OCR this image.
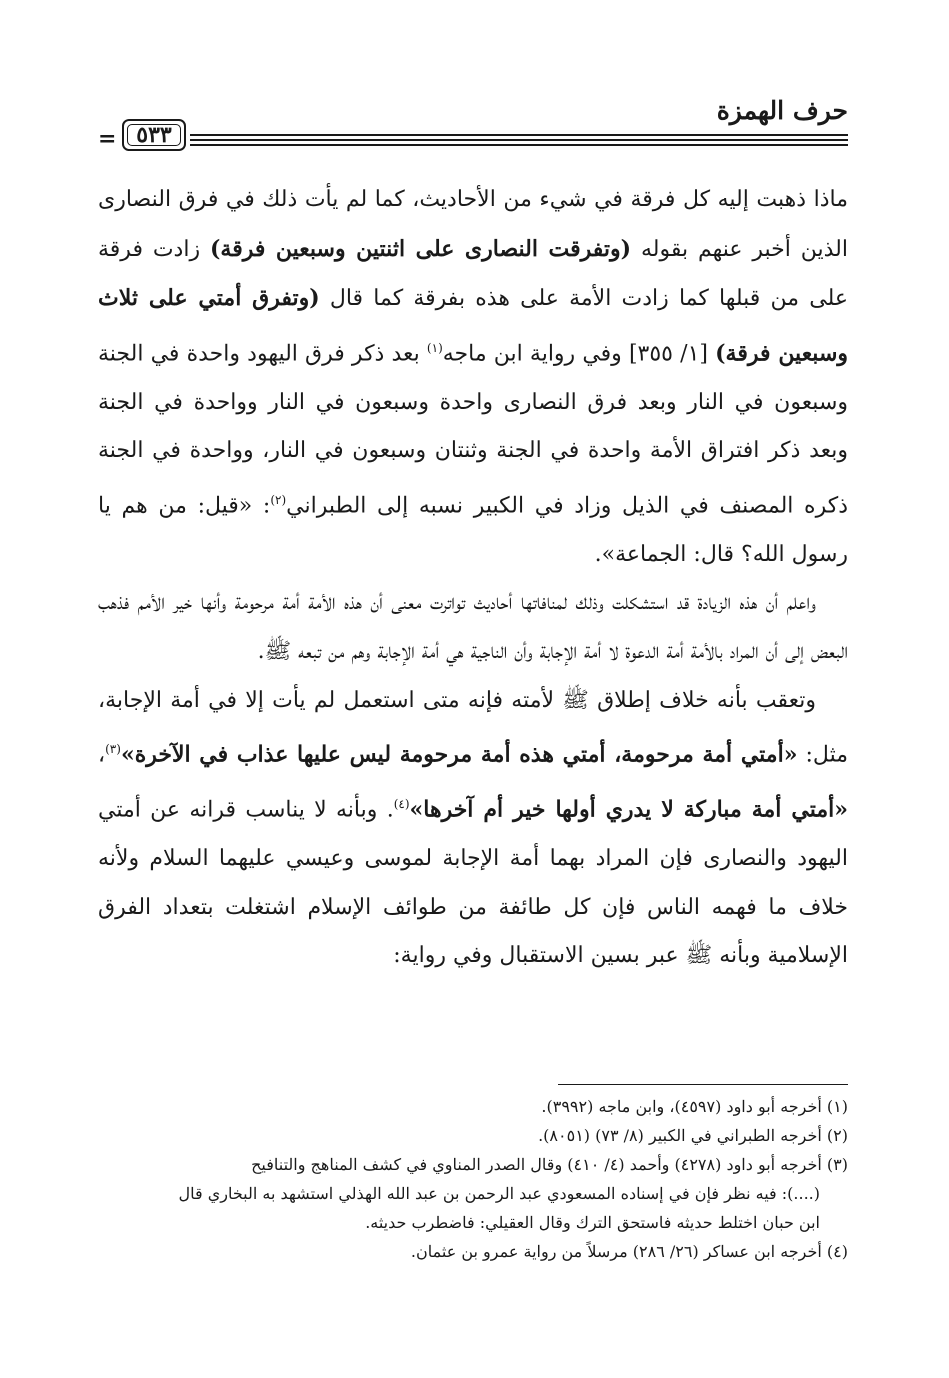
حرف الهمزة
٥٣٣
=

ماذا ذهبت إليه كل فرقة في شيء من الأحاديث، كما لم يأت ذلك في فرق النصارى الذين أخبر عنهم بقوله (وتفرقت النصارى على اثنتين وسبعين فرقة) زادت فرقة على من قبلها كما زادت الأمة على هذه بفرقة كما قال (وتفرق أمتي على ثلاث وسبعين فرقة) [١/ ٣٥٥] وفي رواية ابن ماجه$^{(١)}$ بعد ذكر فرق اليهود واحدة في الجنة وسبعون في النار وبعد فرق النصارى واحدة وسبعون في النار وواحدة في الجنة وبعد ذكر افتراق الأمة واحدة في الجنة وثنتان وسبعون في النار، وواحدة في الجنة ذكره المصنف في الذيل وزاد في الكبير نسبه إلى الطبراني$^{(٢)}$: «قيل: من هم يا رسول الله؟ قال: الجماعة».

واعلم أن هذه الزيادة قد استشكلت وذلك لمنافاتها أحاديث تواترت معنى أن هذه الأمة أمة مرحومة وأنها خير الأمم فذهب البعض إلى أن المراد بالأمة أمة الدعوة لا أمة الإجابة وأن الناجية هي أمة الإجابة وهم من تبعه ﷺ.

وتعقب بأنه خلاف إطلاق ﷺ لأمته فإنه متى استعمل لم يأت إلا في أمة الإجابة، مثل: «أمتي أمة مرحومة، أمتي هذه أمة مرحومة ليس عليها عذاب في الآخرة»$^{(٣)}$، «أمتي أمة مباركة لا يدري أولها خير أم آخرها»$^{(٤)}$. وبأنه لا يناسب قرانه عن أمتي اليهود والنصارى فإن المراد بهما أمة الإجابة لموسى وعيسي عليهما السلام ولأنه خلاف ما فهمه الناس فإن كل طائفة من طوائف الإسلام اشتغلت بتعداد الفرق الإسلامية وبأنه ﷺ عبر بسين الاستقبال وفي رواية:

(١) أخرجه أبو داود (٤٥٩٧)، وابن ماجه (٣٩٩٢).

(٢) أخرجه الطبراني في الكبير (٨/ ٧٣) (٨٠٥١).

(٣) أخرجه أبو داود (٤٢٧٨) وأحمد (٤/ ٤١٠) وقال الصدر المناوي في كشف المناهج والتنافيح

(....): فيه نظر فإن في إسناده المسعودي عبد الرحمن بن عبد الله الهذلي استشهد به البخاري قال

ابن حبان اختلط حديثه فاستحق الترك وقال العقيلي: فاضطرب حديثه.

(٤) أخرجه ابن عساكر (٢٦/ ٢٨٦) مرسلاً من رواية عمرو بن عثمان.
